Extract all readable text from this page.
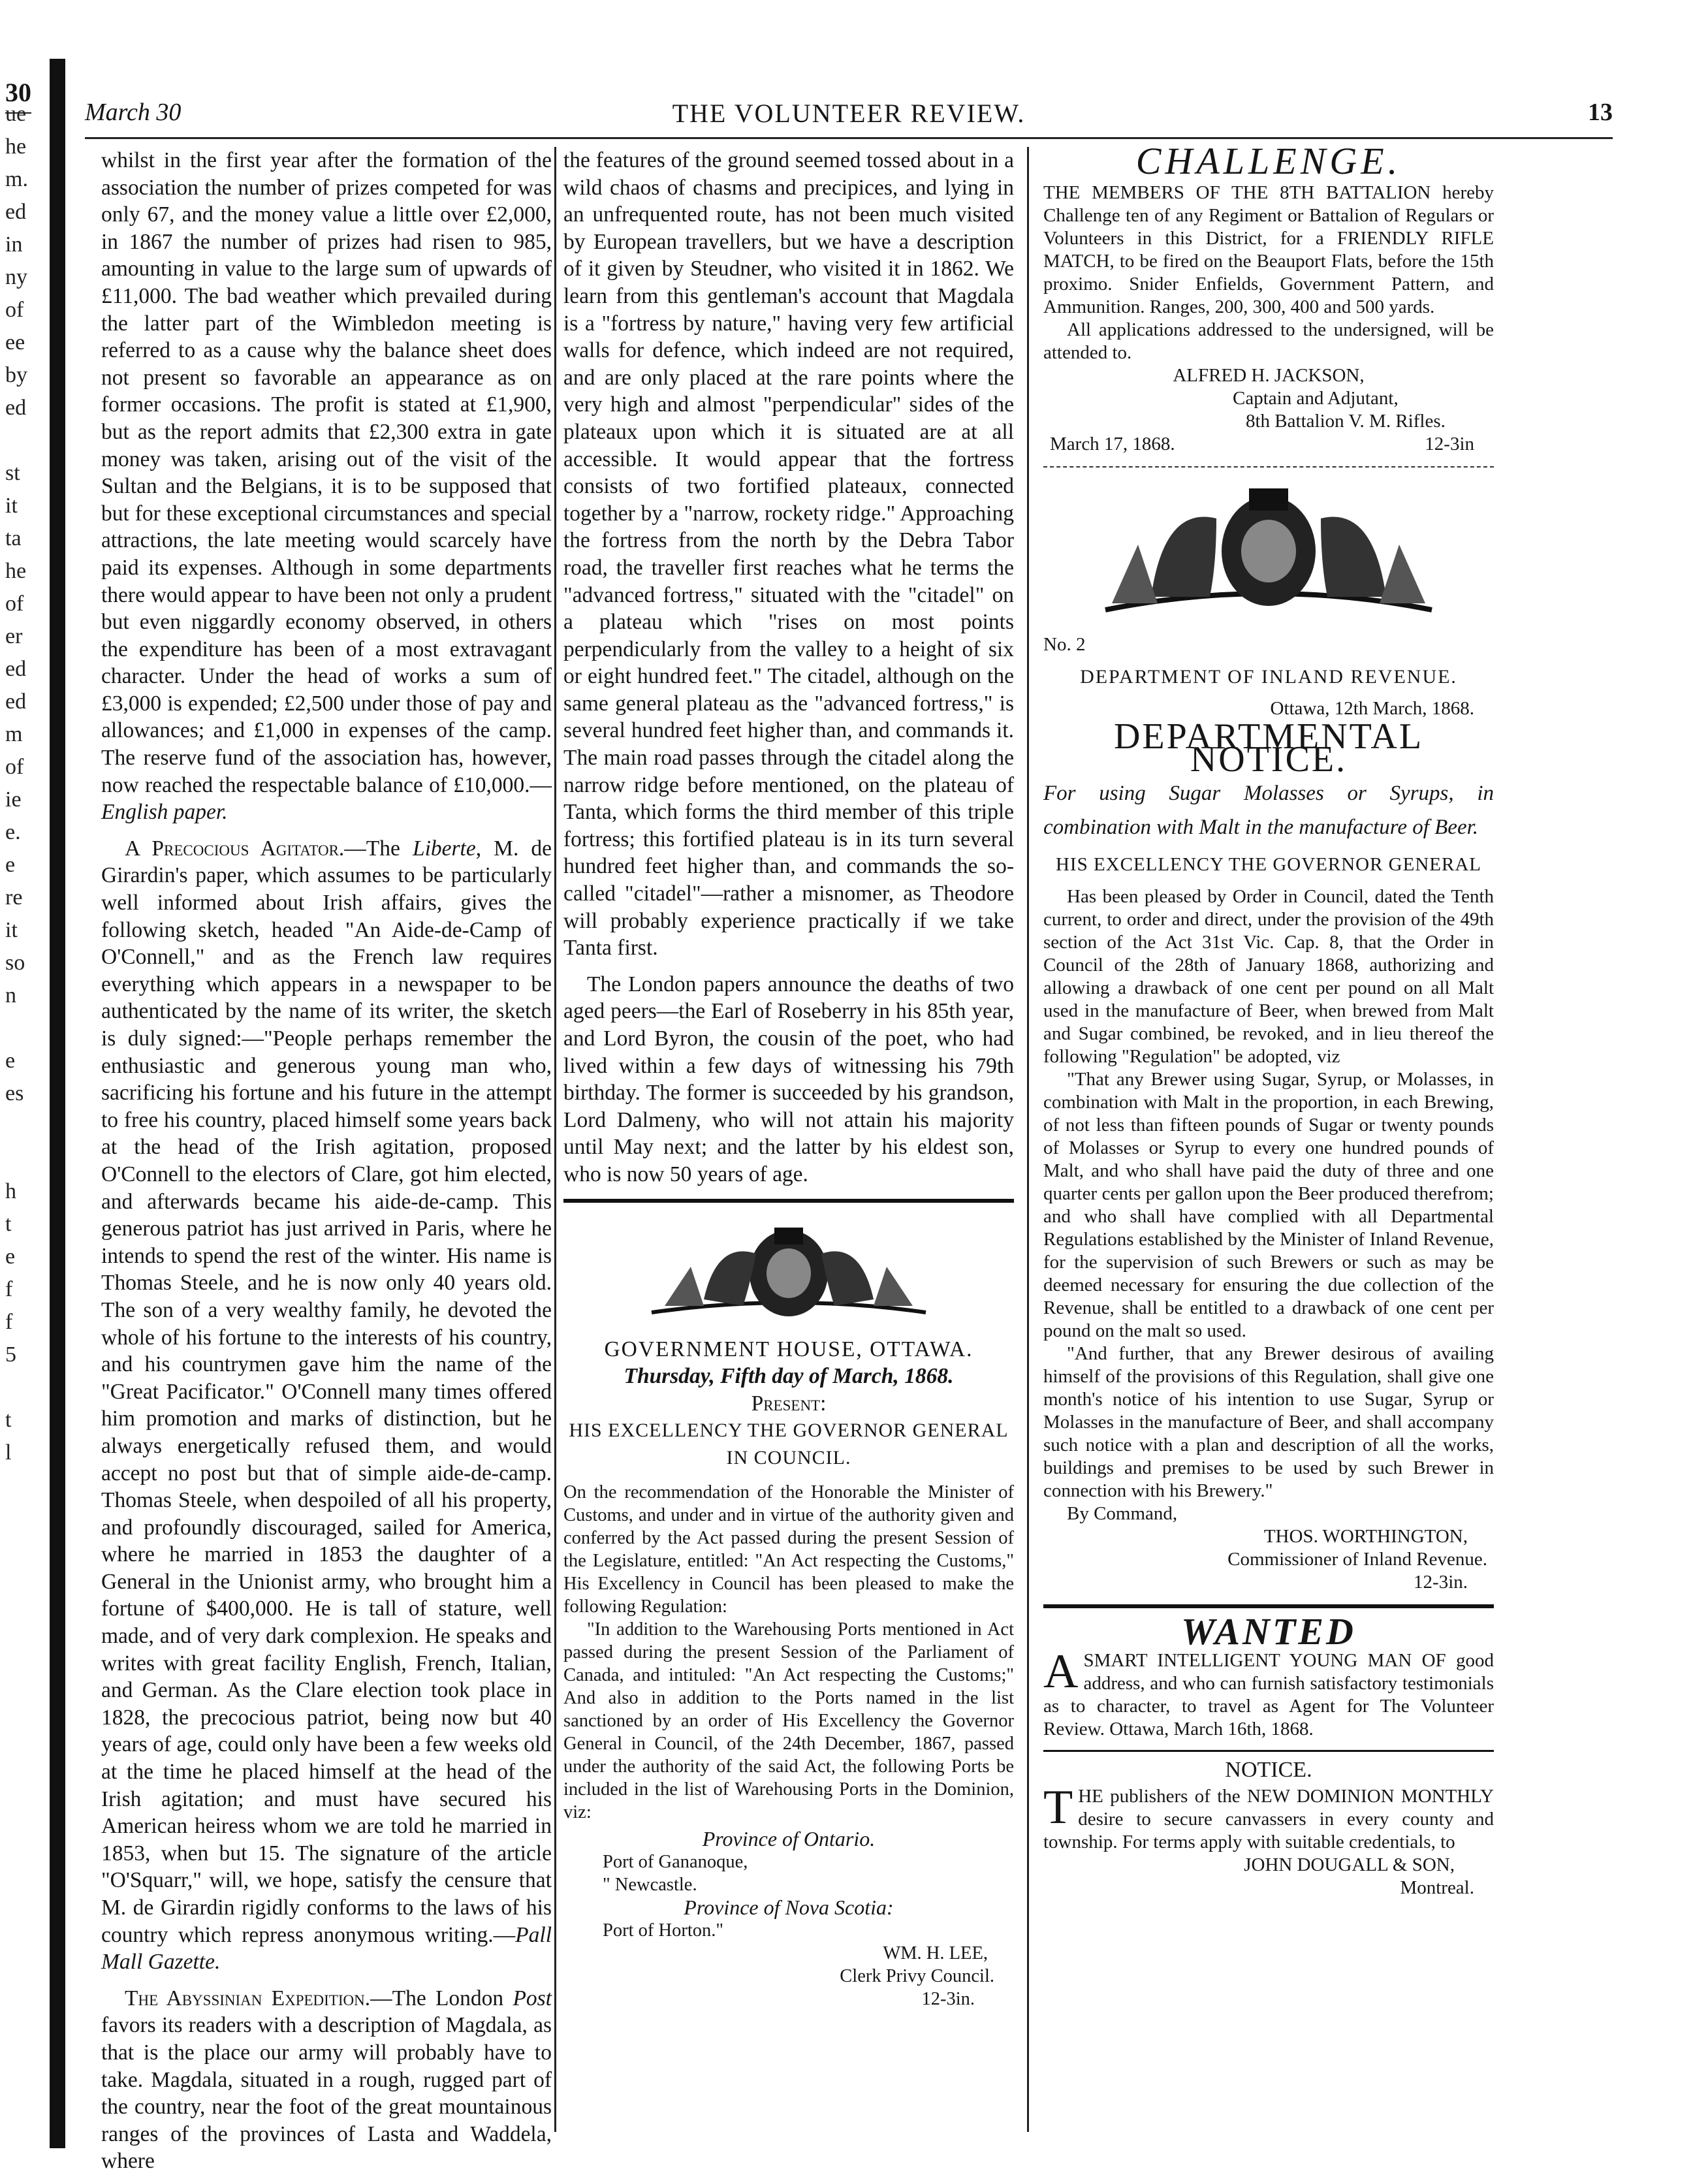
30
ue
he
m.
ed
in
ny
of
ee
by
ed
st
it
ta
he
of
er
ed
ed
m
of
ie
e.
e
re
it
so
n
e
es
h
t
e
f
f
5
t
l
March 30	THE VOLUNTEER REVIEW.	13

whilst in the first year after the formation of the association the number of prizes competed for was only 67, and the money value a little over £2,000, in 1867 the number of prizes had risen to 985, amounting in value to the large sum of upwards of £11,000. The bad weather which prevailed during the latter part of the Wimbledon meeting is referred to as a cause why the balance sheet does not present so favorable an appearance as on former occasions. The profit is stated at £1,900, but as the report admits that £2,300 extra in gate money was taken, arising out of the visit of the Sultan and the Belgians, it is to be supposed that but for these exceptional circumstances and special attractions, the late meeting would scarcely have paid its expenses. Although in some departments there would appear to have been not only a prudent but even niggardly economy observed, in others the expenditure has been of a most extravagant character. Under the head of works a sum of £3,000 is expended; £2,500 under those of pay and allowances; and £1,000 in expenses of the camp. The reserve fund of the association has, however, now reached the respectable balance of £10,000.—English paper.

A Precocious Agitator.—The Liberte, M. de Girardin's paper, which assumes to be particularly well informed about Irish affairs, gives the following sketch, headed "An Aide-de-Camp of O'Connell," and as the French law requires everything which appears in a newspaper to be authenticated by the name of its writer, the sketch is duly signed:—"People perhaps remember the enthusiastic and generous young man who, sacrificing his fortune and his future in the attempt to free his country, placed himself some years back at the head of the Irish agitation, proposed O'Connell to the electors of Clare, got him elected, and afterwards became his aide-de-camp. This generous patriot has just arrived in Paris, where he intends to spend the rest of the winter. His name is Thomas Steele, and he is now only 40 years old. The son of a very wealthy family, he devoted the whole of his fortune to the interests of his country, and his countrymen gave him the name of the "Great Pacificator." O'Connell many times offered him promotion and marks of distinction, but he always energetically refused them, and would accept no post but that of simple aide-de-camp. Thomas Steele, when despoiled of all his property, and profoundly discouraged, sailed for America, where he married in 1853 the daughter of a General in the Unionist army, who brought him a fortune of $400,000. He is tall of stature, well made, and of very dark complexion. He speaks and writes with great facility English, French, Italian, and German. As the Clare election took place in 1828, the precocious patriot, being now but 40 years of age, could only have been a few weeks old at the time he placed himself at the head of the Irish agitation; and must have secured his American heiress whom we are told he married in 1853, when but 15. The signature of the article "O'Squarr," will, we hope, satisfy the censure that M. de Girardin rigidly conforms to the laws of his country which repress anonymous writing.—Pall Mall Gazette.

The Abyssinian Expedition.—The London Post favors its readers with a description of Magdala, as that is the place our army will probably have to take. Magdala, situated in a rough, rugged part of the country, near the foot of the great mountainous ranges of the provinces of Lasta and Waddela, where

the features of the ground seemed tossed about in a wild chaos of chasms and precipices, and lying in an unfrequented route, has not been much visited by European travellers, but we have a description of it given by Steudner, who visited it in 1862. We learn from this gentleman's account that Magdala is a "fortress by nature," having very few artificial walls for defence, which indeed are not required, and are only placed at the rare points where the very high and almost "perpendicular" sides of the plateaux upon which it is situated are at all accessible. It would appear that the fortress consists of two fortified plateaux, connected together by a "narrow, rockety ridge." Approaching the fortress from the north by the Debra Tabor road, the traveller first reaches what he terms the "advanced fortress," situated with the "citadel" on a plateau which "rises on most points perpendicularly from the valley to a height of six or eight hundred feet." The citadel, although on the same general plateau as the "advanced fortress," is several hundred feet higher than, and commands it. The main road passes through the citadel along the narrow ridge before mentioned, on the plateau of Tanta, which forms the third member of this triple fortress; this fortified plateau is in its turn several hundred feet higher than, and commands the so-called "citadel"—rather a misnomer, as Theodore will probably experience practically if we take Tanta first.

The London papers announce the deaths of two aged peers—the Earl of Roseberry in his 85th year, and Lord Byron, the cousin of the poet, who had lived within a few days of witnessing his 79th birthday. The former is succeeded by his grandson, Lord Dalmeny, who will not attain his majority until May next; and the latter by his eldest son, who is now 50 years of age.

GOVERNMENT HOUSE, OTTAWA.

Thursday, Fifth day of March, 1868.

Present:

HIS EXCELLENCY THE GOVERNOR GENERAL IN COUNCIL.

On the recommendation of the Honorable the Minister of Customs, and under and in virtue of the authority given and conferred by the Act passed during the present Session of the Legislature, entitled: "An Act respecting the Customs," His Excellency in Council has been pleased to make the following Regulation:

"In addition to the Warehousing Ports mentioned in Act passed during the present Session of the Parliament of Canada, and intituled: "An Act respecting the Customs;" And also in addition to the Ports named in the list sanctioned by an order of His Excellency the Governor General in Council, of the 24th December, 1867, passed under the authority of the said Act, the following Ports be included in the list of Warehousing Ports in the Dominion, viz:

Province of Ontario.

Port of Gananoque,

" Newcastle.

Province of Nova Scotia:

Port of Horton."

WM. H. LEE,

Clerk Privy Council.

12-3in.

CHALLENGE.

THE MEMBERS OF THE 8TH BATTALION hereby Challenge ten of any Regiment or Battalion of Regulars or Volunteers in this District, for a FRIENDLY RIFLE MATCH, to be fired on the Beauport Flats, before the 15th proximo. Snider Enfields, Government Pattern, and Ammunition. Ranges, 200, 300, 400 and 500 yards.

All applications addressed to the undersigned, will be attended to.

ALFRED H. JACKSON,

Captain and Adjutant,

8th Battalion V. M. Rifles.

March 17, 1868.	12-3in

No. 2

DEPARTMENT OF INLAND REVENUE.

Ottawa, 12th March, 1868.

DEPARTMENTAL NOTICE.

For using Sugar Molasses or Syrups, in combination with Malt in the manufacture of Beer.

HIS EXCELLENCY THE GOVERNOR GENERAL

Has been pleased by Order in Council, dated the Tenth current, to order and direct, under the provision of the 49th section of the Act 31st Vic. Cap. 8, that the Order in Council of the 28th of January 1868, authorizing and allowing a drawback of one cent per pound on all Malt used in the manufacture of Beer, when brewed from Malt and Sugar combined, be revoked, and in lieu thereof the following "Regulation" be adopted, viz

"That any Brewer using Sugar, Syrup, or Molasses, in combination with Malt in the proportion, in each Brewing, of not less than fifteen pounds of Sugar or twenty pounds of Molasses or Syrup to every one hundred pounds of Malt, and who shall have paid the duty of three and one quarter cents per gallon upon the Beer produced therefrom; and who shall have complied with all Departmental Regulations established by the Minister of Inland Revenue, for the supervision of such Brewers or such as may be deemed necessary for ensuring the due collection of the Revenue, shall be entitled to a drawback of one cent per pound on the malt so used.

"And further, that any Brewer desirous of availing himself of the provisions of this Regulation, shall give one month's notice of his intention to use Sugar, Syrup or Molasses in the manufacture of Beer, and shall accompany such notice with a plan and description of all the works, buildings and premises to be used by such Brewer in connection with his Brewery."

By Command,

THOS. WORTHINGTON,

Commissioner of Inland Revenue.

12-3in.

WANTED

A SMART INTELLIGENT YOUNG MAN OF good address, and who can furnish satisfactory testimonials as to character, to travel as Agent for The Volunteer Review. Ottawa, March 16th, 1868.

NOTICE.

THE publishers of the NEW DOMINION MONTHLY desire to secure canvassers in every county and township. For terms apply with suitable credentials, to

JOHN DOUGALL & SON,

Montreal.
